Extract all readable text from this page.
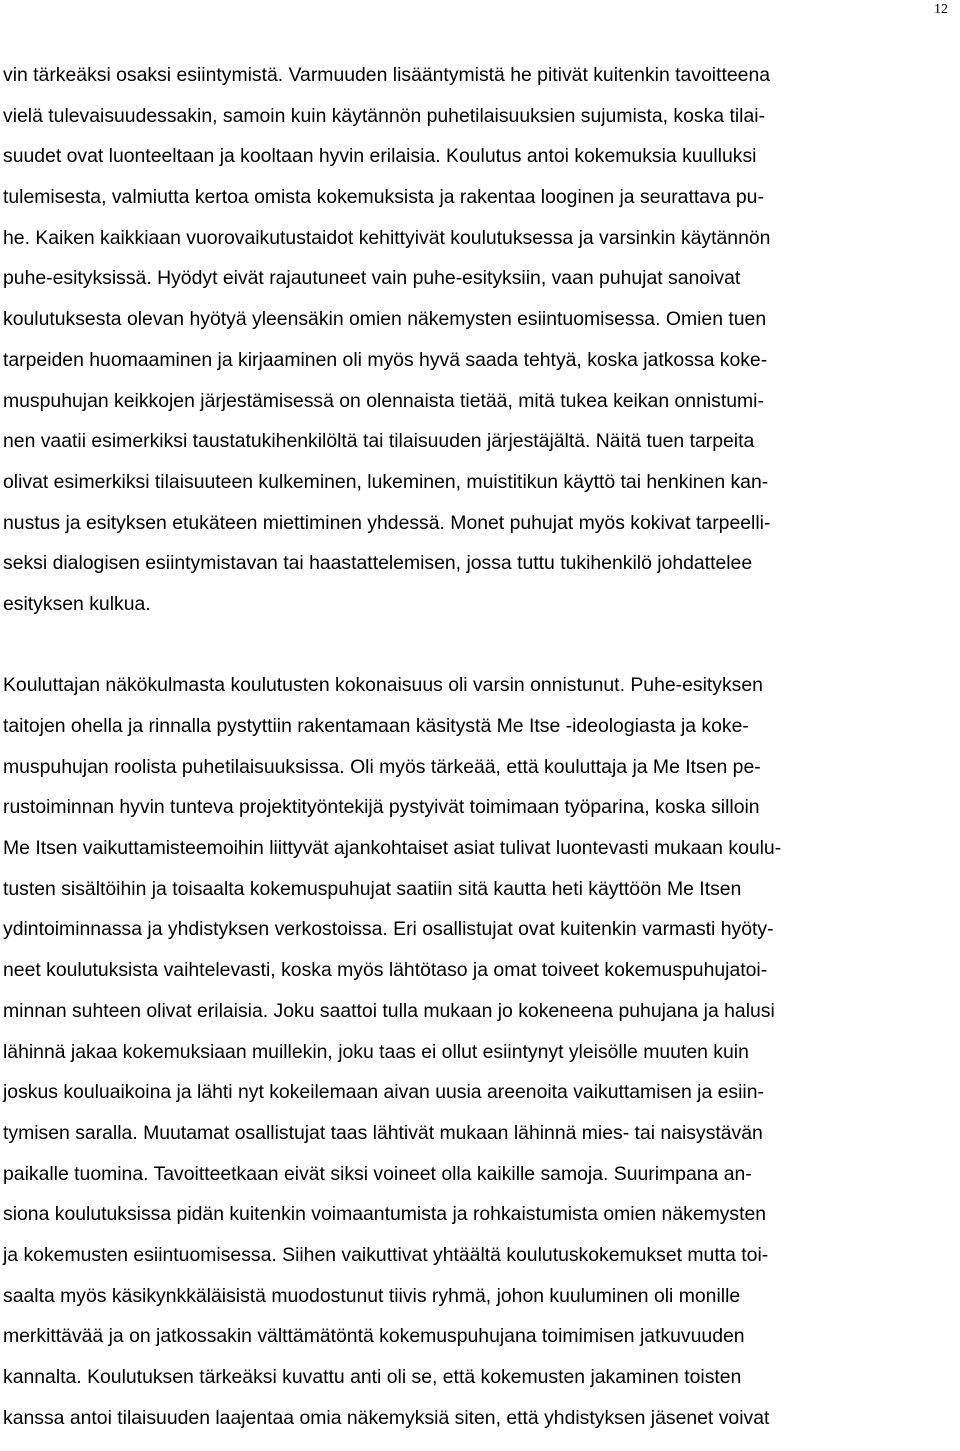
12
vin tärkeäksi osaksi esiintymistä. Varmuuden lisääntymistä he pitivät kuitenkin tavoitteena
vielä tulevaisuudessakin, samoin kuin käytännön puhetilaisuuksien sujumista, koska tilai-
suudet ovat luonteeltaan ja kooltaan hyvin erilaisia. Koulutus antoi kokemuksia kuulluksi
tulemisesta, valmiutta kertoa omista kokemuksista ja rakentaa looginen ja seurattava pu-
he. Kaiken kaikkiaan vuorovaikutustaidot kehittyivät koulutuksessa ja varsinkin käytännön
puhe-esityksissä. Hyödyt eivät rajautuneet vain puhe-esityksiin, vaan puhujat sanoivat
koulutuksesta olevan hyötyä yleensäkin omien näkemysten esiintuomisessa. Omien tuen
tarpeiden huomaaminen ja kirjaaminen oli myös hyvä saada tehtyä, koska jatkossa koke-
muspuhujan keikkojen järjestämisessä on olennaista tietää, mitä tukea keikan onnistumi-
nen vaatii esimerkiksi taustatukihenkilöltä tai tilaisuuden järjestäjältä. Näitä tuen tarpeita
olivat esimerkiksi tilaisuuteen kulkeminen, lukeminen, muistitikun käyttö tai henkinen kan-
nustus ja esityksen etukäteen miettiminen yhdessä. Monet puhujat myös kokivat tarpeelli-
seksi dialogisen esiintymistavan tai haastattelemisen, jossa tuttu tukihenkilö johdattelee
esityksen kulkua.
Kouluttajan näkökulmasta koulutusten kokonaisuus oli varsin onnistunut. Puhe-esityksen
taitojen ohella ja rinnalla pystyttiin rakentamaan käsitystä Me Itse -ideologiasta ja koke-
muspuhujan roolista puhetilaisuuksissa. Oli myös tärkeää, että kouluttaja ja Me Itsen pe-
rustoiminnan hyvin tunteva projektityöntekijä pystyivät toimimaan työparina, koska silloin
Me Itsen vaikuttamisteemoihin liittyvät ajankohtaiset asiat tulivat luontevasti mukaan koulu-
tusten sisältöihin ja toisaalta kokemuspuhujat saatiin sitä kautta heti käyttöön Me Itsen
ydintoiminnassa ja yhdistyksen verkostoissa. Eri osallistujat ovat kuitenkin varmasti hyöty-
neet koulutuksista vaihtelevasti, koska myös lähtötaso ja omat toiveet kokemuspuhujatoi-
minnan suhteen olivat erilaisia. Joku saattoi tulla mukaan jo kokeneena puhujana ja halusi
lähinnä jakaa kokemuksiaan muillekin, joku taas ei ollut esiintynyt yleisölle muuten kuin
joskus kouluaikoina ja lähti nyt kokeilemaan aivan uusia areenoita vaikuttamisen ja esiin-
tymisen saralla. Muutamat osallistujat taas lähtivät mukaan lähinnä mies- tai naisystävän
paikalle tuomina. Tavoitteetkaan eivät siksi voineet olla kaikille samoja. Suurimpana an-
siona koulutuksissa pidän kuitenkin voimaantumista ja rohkaistumista omien näkemysten
ja kokemusten esiintuomisessa. Siihen vaikuttivat yhtäältä koulutuskokemukset mutta toi-
saalta myös käsikynkkäläisistä muodostunut tiivis ryhmä, johon kuuluminen oli monille
merkittävää ja on jatkossakin välttämätöntä kokemuspuhujana toimimisen jatkuvuuden
kannalta. Koulutuksen tärkeäksi kuvattu anti oli se, että kokemusten jakaminen toisten
kanssa antoi tilaisuuden laajentaa omia näkemyksiä siten, että yhdistyksen jäsenet voivat
